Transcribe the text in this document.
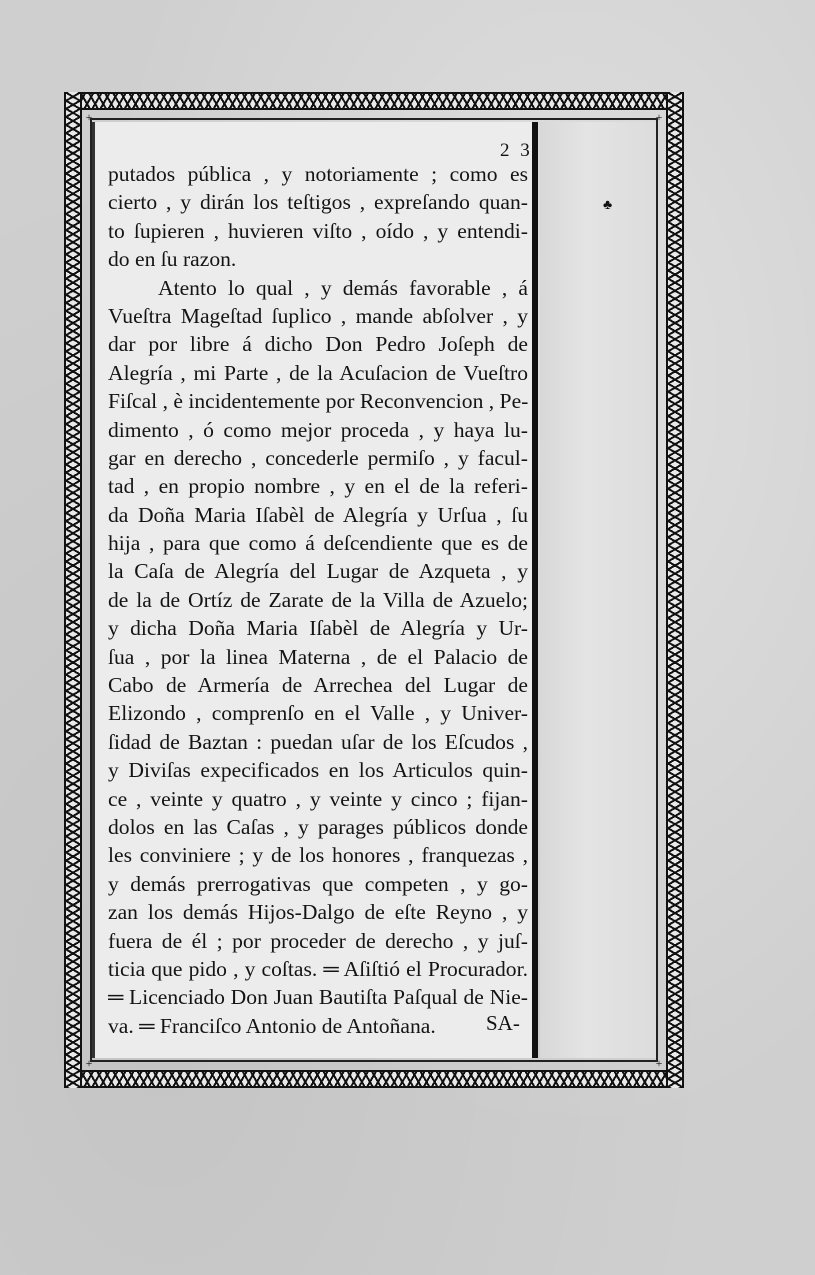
+	+
+	+
♣
2 3
putados pública , y notoriamente ; como es
cierto , y dirán los teſtigos , expreſando quan-
to ſupieren , huvieren viſto , oído , y entendi-
do en ſu razon.
Atento lo qual , y demás favorable , á
Vueſtra Mageſtad ſuplico , mande abſolver , y
dar por libre á dicho Don Pedro Joſeph de
Alegría , mi Parte , de la Acuſacion de Vueſtro
Fiſcal , è incidentemente por Reconvencion , Pe-
dimento , ó como mejor proceda , y haya lu-
gar en derecho , concederle permiſo , y facul-
tad , en propio nombre , y en el de la referi-
da Doña Maria Iſabèl de Alegría y Urſua , ſu
hija , para que como á deſcendiente que es de
la Caſa de Alegría del Lugar de Azqueta , y
de la de Ortíz de Zarate de la Villa de Azuelo;
y dicha Doña Maria Iſabèl de Alegría y Ur-
ſua , por la linea Materna , de el Palacio de
Cabo de Armería de Arrechea del Lugar de
Elizondo , comprenſo en el Valle , y Univer-
ſidad de Baztan : puedan uſar de los Eſcudos ,
y Diviſas expecificados en los Articulos quin-
ce , veinte y quatro , y veinte y cinco ; fijan-
dolos en las Caſas , y parages públicos donde
les conviniere ; y de los honores , franquezas ,
y demás prerrogativas que competen , y go-
zan los demás Hijos-Dalgo de eſte Reyno , y
fuera de él ; por proceder de derecho , y juſ-
ticia que pido , y coſtas. ═ Aſiſtió el Procurador.
═ Licenciado Don Juan Bautiſta Paſqual de Nie-
va. ═ Franciſco Antonio de Antoñana.	SA-
